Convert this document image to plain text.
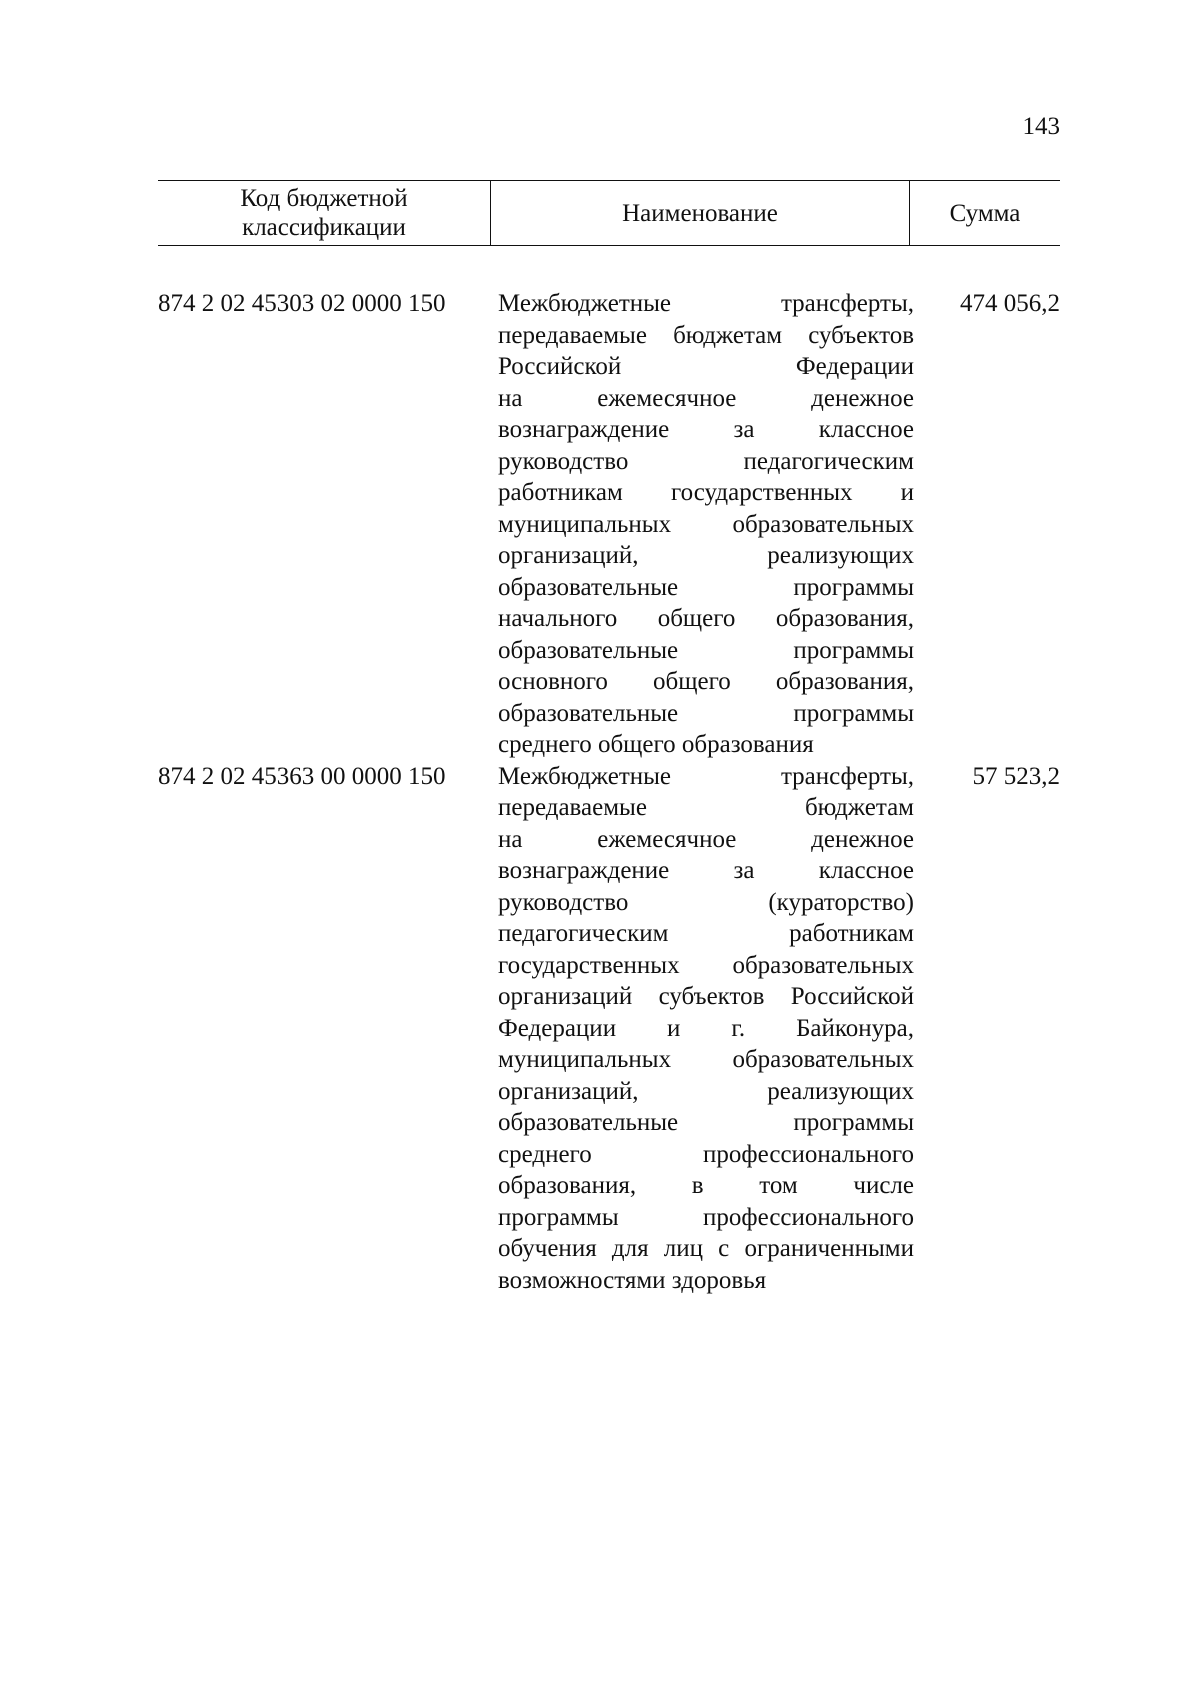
143
Код бюджетной классификации
Наименование	Сумма
874 2 02 45303 02 0000 150 Межбюджетные трансферты,
передаваемые бюджетам субъектов
Российской Федерации
на ежемесячное денежное
вознаграждение за классное
руководство педагогическим
работникам государственных и
муниципальных образовательных
организаций, реализующих
образовательные программы
начального общего образования,
образовательные программы
основного общего образования,
образовательные программы
среднего общего образования
474 056,2
874 2 02 45363 00 0000 150 Межбюджетные трансферты,
передаваемые бюджетам
на ежемесячное денежное
вознаграждение за классное
руководство (кураторство)
педагогическим работникам
государственных образовательных
организаций субъектов Российской
Федерации и г. Байконура,
муниципальных образовательных
организаций, реализующих
образовательные программы
среднего профессионального
образования, в том числе
программы профессионального
обучения для лиц с ограниченными
возможностями здоровья
57 523,2
